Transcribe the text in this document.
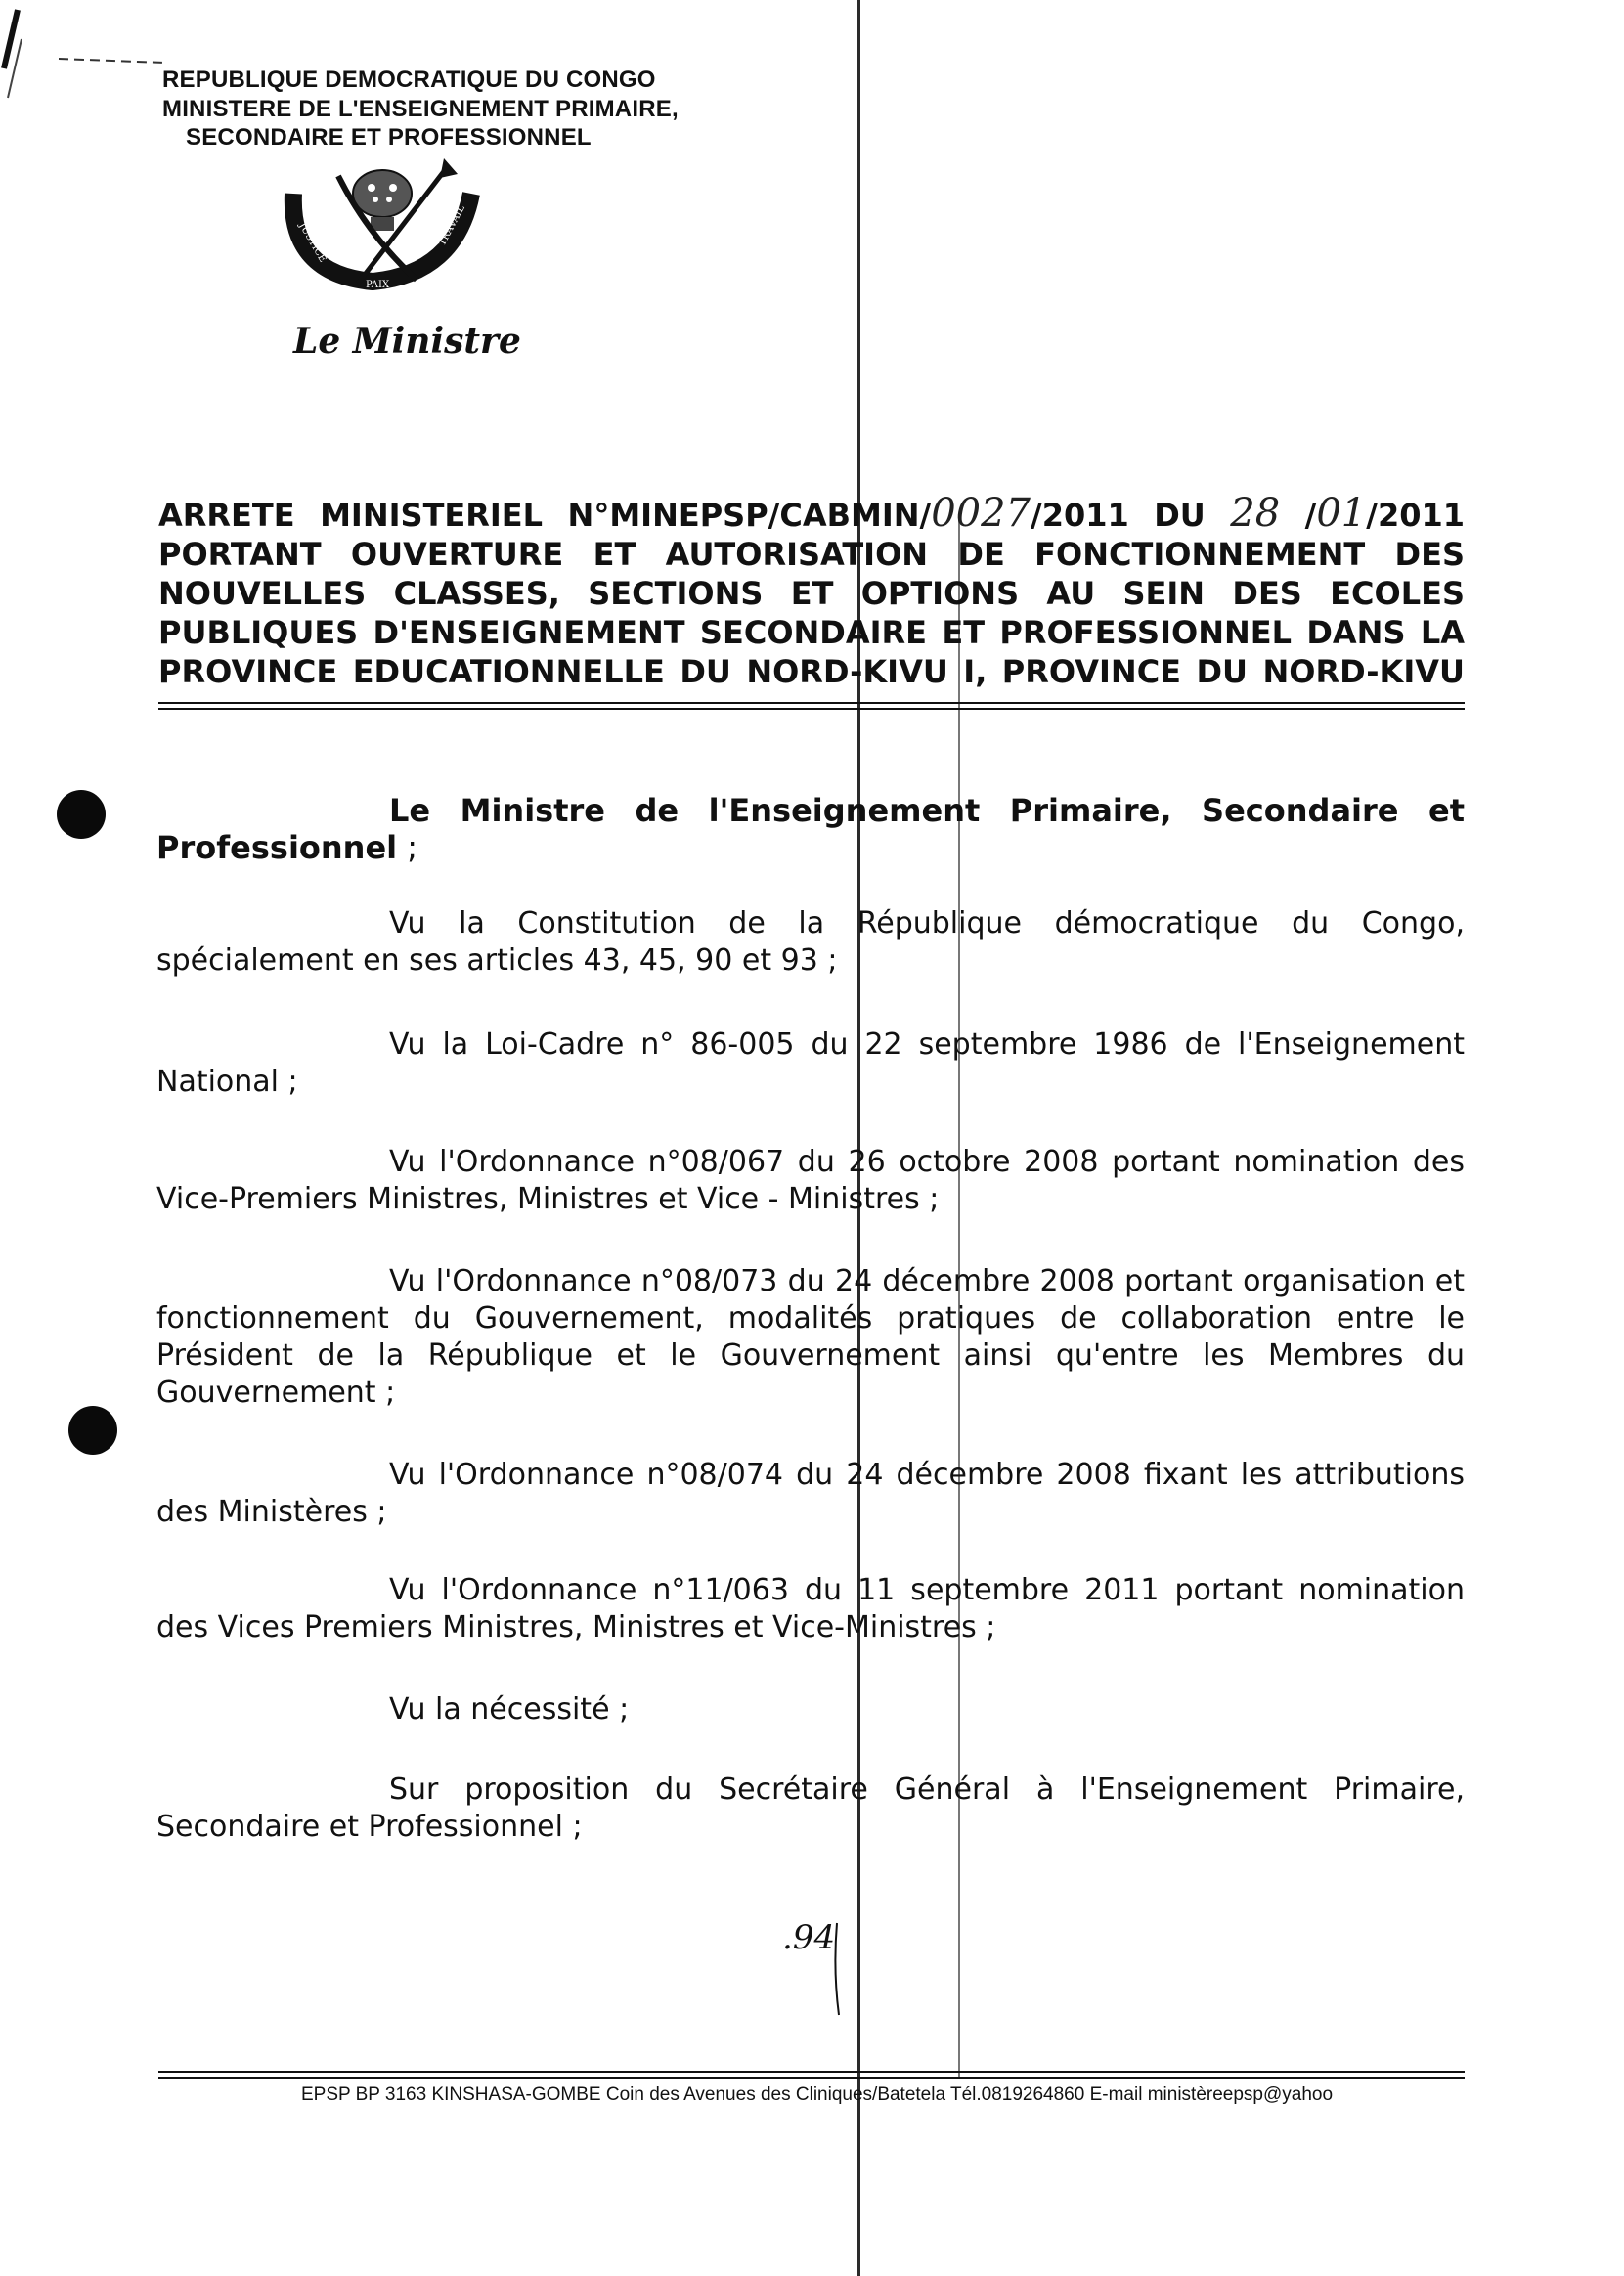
REPUBLIQUE DEMOCRATIQUE DU CONGO
MINISTERE DE L'ENSEIGNEMENT PRIMAIRE,
SECONDAIRE ET PROFESSIONNEL
JUSTICE
PAIX
TRAVAIL
Le Ministre
ARRETE MINISTERIEL N°MINEPSP/CABMIN/0027/2011 DU 28 /01/2011
PORTANT OUVERTURE ET AUTORISATION DE FONCTIONNEMENT DES
NOUVELLES CLASSES, SECTIONS ET OPTIONS AU SEIN DES ECOLES
PUBLIQUES D'ENSEIGNEMENT SECONDAIRE ET PROFESSIONNEL DANS LA
PROVINCE EDUCATIONNELLE DU NORD-KIVU I, PROVINCE DU NORD-KIVU
Le Ministre de l'Enseignement Primaire, Secondaire et Professionnel ;
Vu la Constitution de la République démocratique du Congo, spécialement en ses articles 43, 45, 90 et 93 ;
Vu la Loi-Cadre n° 86-005 du 22 septembre 1986 de l'Enseignement National ;
Vu l'Ordonnance n°08/067 du 26 octobre 2008 portant nomination des Vice-Premiers Ministres, Ministres et Vice - Ministres ;
Vu l'Ordonnance n°08/073 du 24 décembre 2008 portant organisation et fonctionnement du Gouvernement, modalités pratiques de collaboration entre le Président de la République et le Gouvernement ainsi qu'entre les Membres du Gouvernement ;
Vu l'Ordonnance n°08/074 du 24 décembre 2008 fixant les attributions des Ministères ;
Vu l'Ordonnance n°11/063 du 11 septembre 2011 portant nomination des Vices Premiers Ministres, Ministres et Vice-Ministres ;
Vu la nécessité ;
Sur proposition du Secrétaire Général à l'Enseignement Primaire, Secondaire et Professionnel ;
.94
EPSP BP 3163 KINSHASA-GOMBE Coin des Avenues des Cliniques/Batetela Tél.0819264860 E-mail ministèreepsp@yahoo
